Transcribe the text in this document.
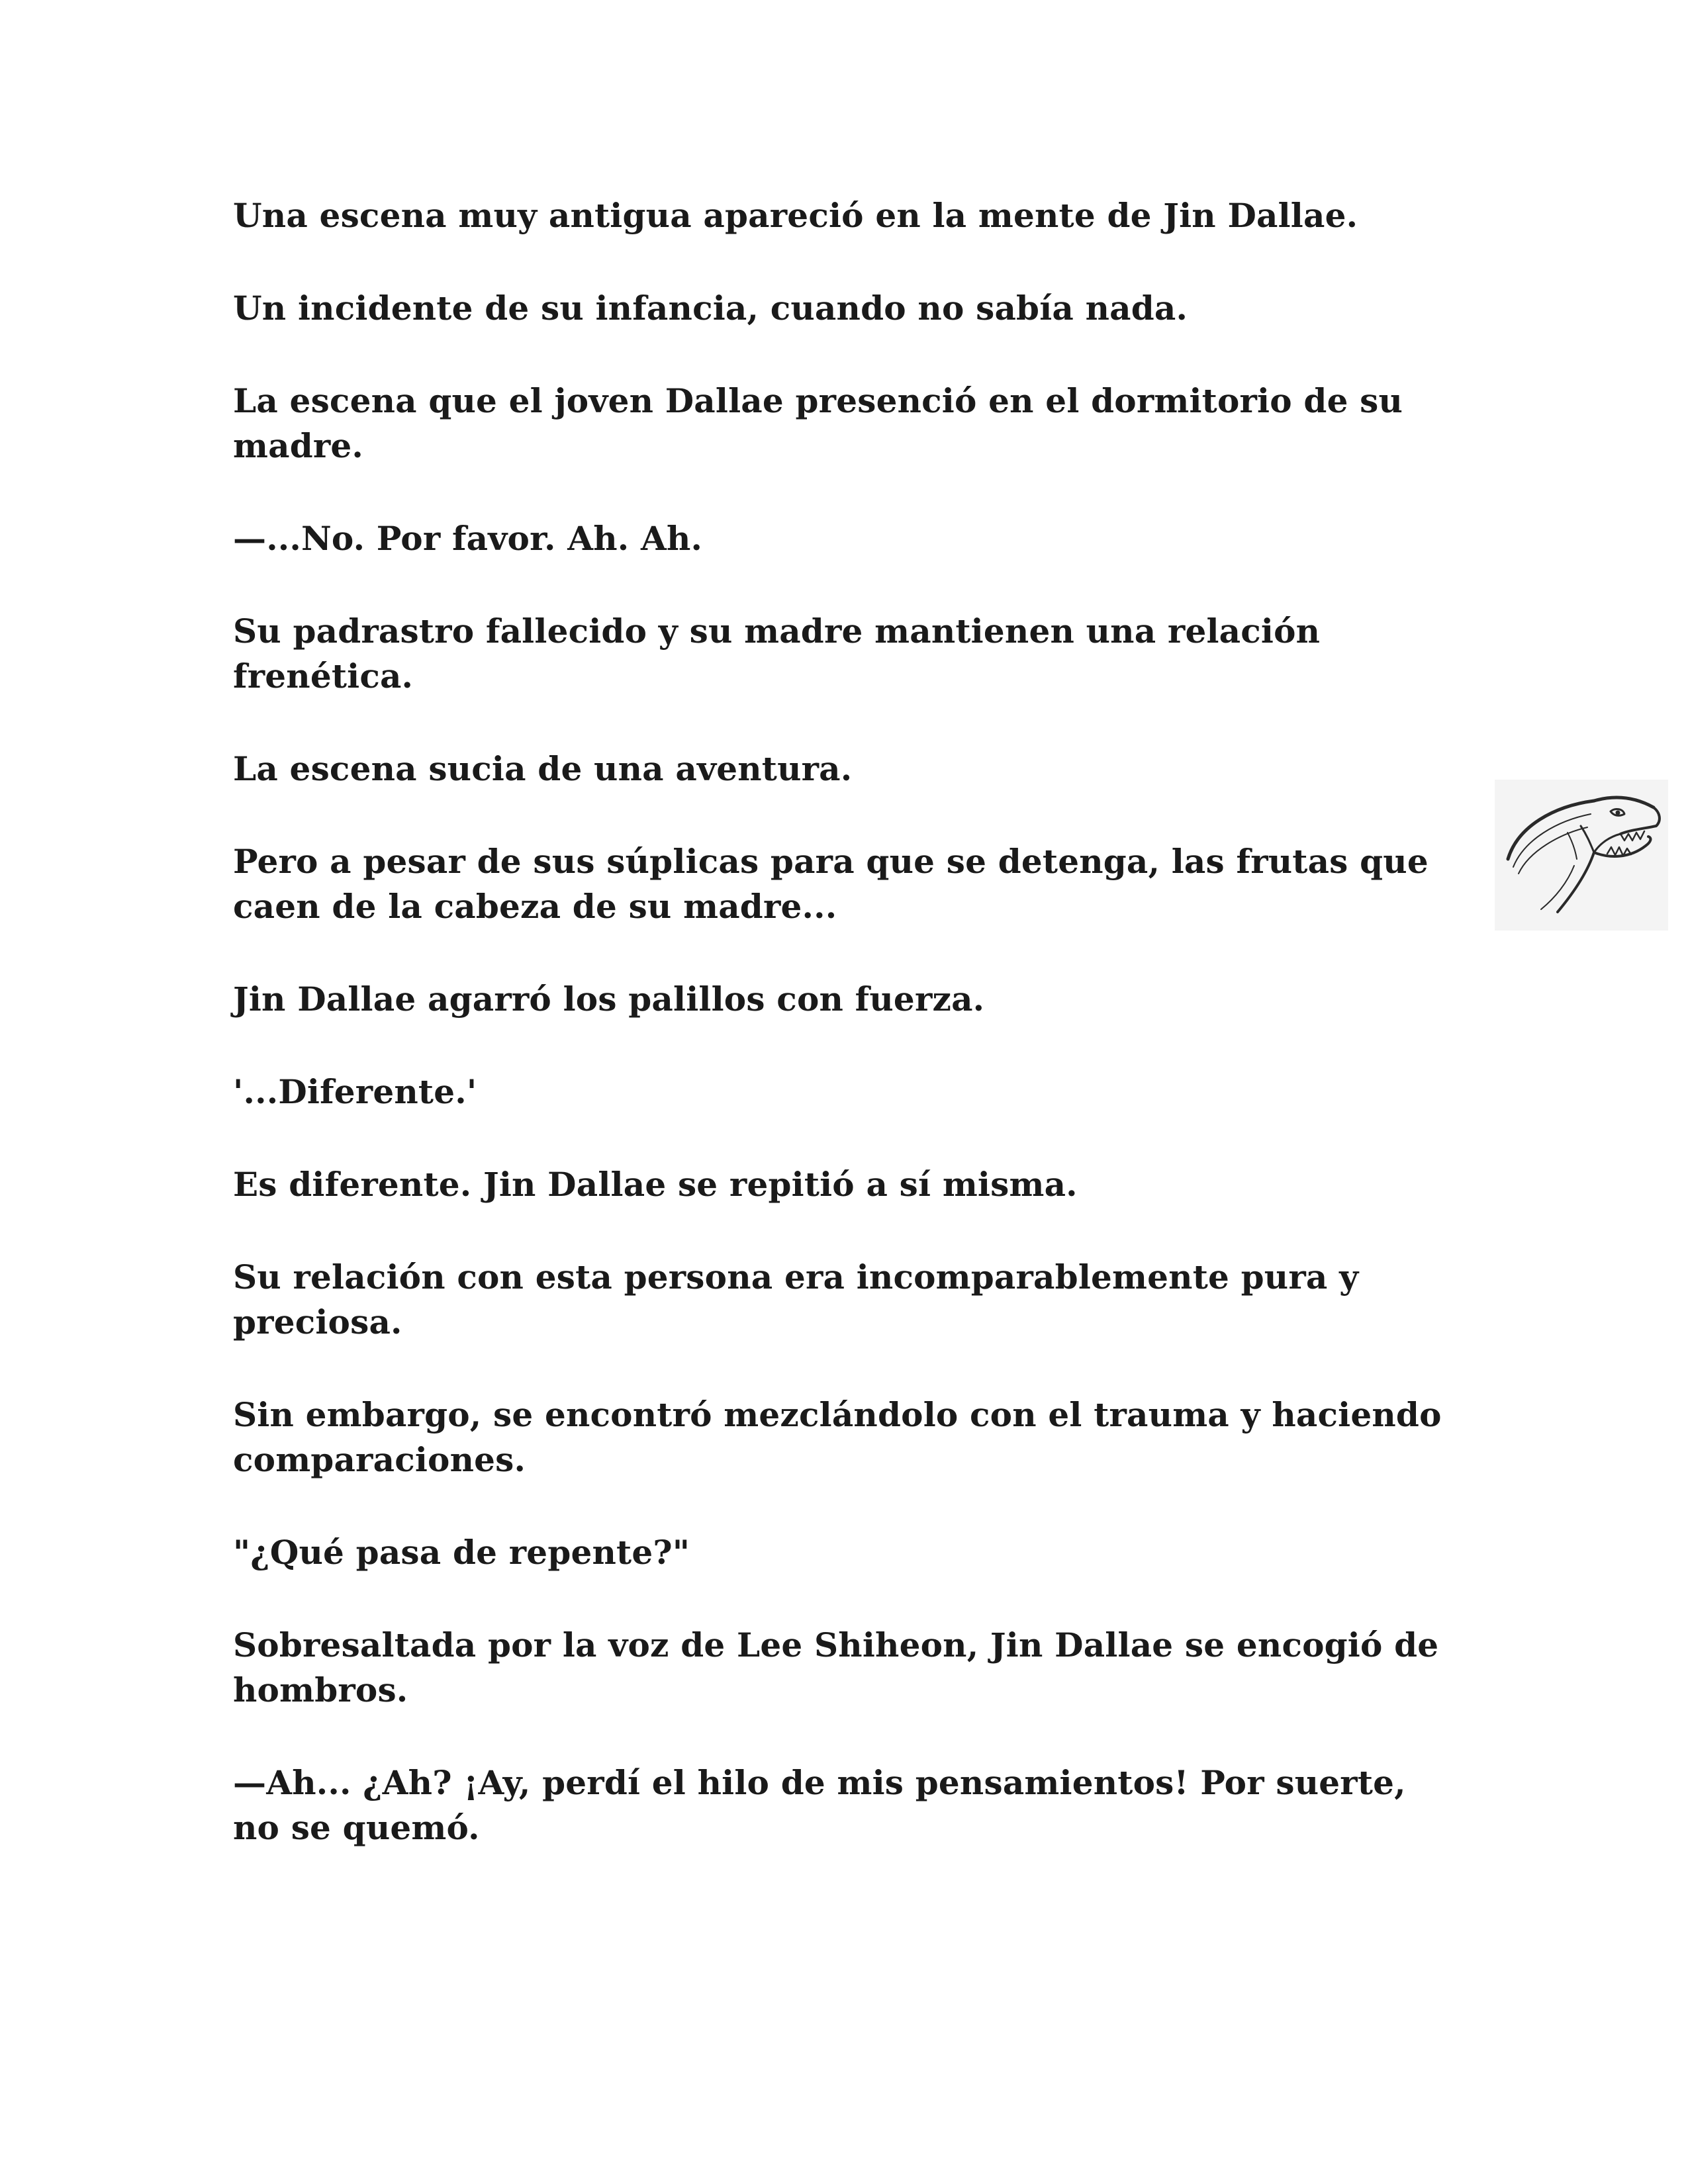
Una escena muy antigua apareció en la mente de Jin Dallae.

Un incidente de su infancia, cuando no sabía nada.

La escena que el joven Dallae presenció en el dormitorio de su madre.

—...No. Por favor. Ah. Ah.

Su padrastro fallecido y su madre mantienen una relación frenética.

La escena sucia de una aventura.

Pero a pesar de sus súplicas para que se detenga, las frutas que caen de la cabeza de su madre...

Jin Dallae agarró los palillos con fuerza.

'...Diferente.'

Es diferente. Jin Dallae se repitió a sí misma.

Su relación con esta persona era incomparablemente pura y preciosa.

Sin embargo, se encontró mezclándolo con el trauma y haciendo comparaciones.

"¿Qué pasa de repente?"

Sobresaltada por la voz de Lee Shiheon, Jin Dallae se encogió de hombros.

—Ah... ¿Ah? ¡Ay, perdí el hilo de mis pensamientos! Por suerte, no se quemó.
